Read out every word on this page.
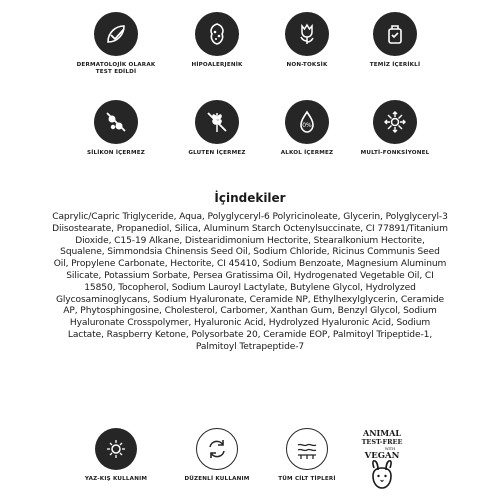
DERMATOLOJİK OLARAK TEST EDİLDİ
HİPOALERJENİK	NON-TOKSİK	TEMİZ İÇERİKLİ
SİLİKON İÇERMEZ	GLUTEN İÇERMEZ
0%
ALKOL İÇERMEZ	MULTİ-FONKSİYONEL
İçindekiler
Caprylic/Capric Triglyceride, Aqua, Polyglyceryl-6 Polyricinoleate, Glycerin, Polyglyceryl-3 Diisostearate, Propanediol, Silica, Aluminum Starch Octenylsuccinate, CI 77891/Titanium Dioxide, C15-19 Alkane, Distearidimonium Hectorite, Stearalkonium Hectorite, Squalene, Simmondsia Chinensis Seed Oil, Sodium Chloride, Ricinus Communis Seed Oil, Propylene Carbonate, Hectorite, CI 45410, Sodium Benzoate, Magnesium Aluminum Silicate, Potassium Sorbate, Persea Gratissima Oil, Hydrogenated Vegetable Oil, CI 15850, Tocopherol, Sodium Lauroyl Lactylate, Butylene Glycol, Hydrolyzed Glycosaminoglycans, Sodium Hyaluronate, Ceramide NP, Ethylhexylglycerin, Ceramide AP, Phytosphingosine, Cholesterol, Carbomer, Xanthan Gum, Benzyl Glycol, Sodium Hyaluronate Crosspolymer, Hyaluronic Acid, Hydrolyzed Hyaluronic Acid, Sodium Lactate, Raspberry Ketone, Polysorbate 20, Ceramide EOP, Palmitoyl Tripeptide-1, Palmitoyl Tetrapeptide-7
YAZ-KIŞ KULLANIM	DÜZENLİ KULLANIM	TÜM CİLT TİPLERİ
ANIMAL
TEST-FREE
WITH
VEGAN
